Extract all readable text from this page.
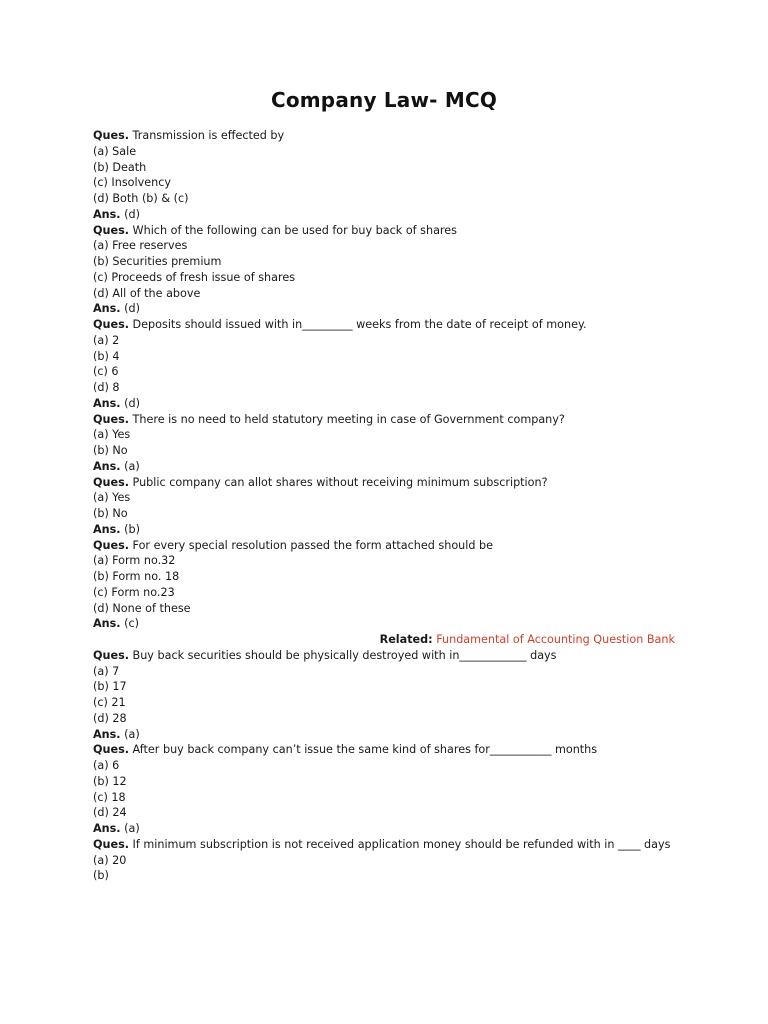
Company Law- MCQ
Ques. Transmission is effected by
(a) Sale
(b) Death
(c) Insolvency
(d) Both (b) & (c)
Ans. (d)
Ques. Which of the following can be used for buy back of shares
(a) Free reserves
(b) Securities premium
(c) Proceeds of fresh issue of shares
(d) All of the above
Ans. (d)
Ques. Deposits should issued with in_________ weeks from the date of receipt of money.
(a) 2
(b) 4
(c) 6
(d) 8
Ans. (d)
Ques. There is no need to held statutory meeting in case of Government company?
(a) Yes
(b) No
Ans. (a)
Ques. Public company can allot shares without receiving minimum subscription?
(a) Yes
(b) No
Ans. (b)
Ques. For every special resolution passed the form attached should be
(a) Form no.32
(b) Form no. 18
(c) Form no.23
(d) None of these
Ans. (c)
Related: Fundamental of Accounting Question Bank
Ques. Buy back securities should be physically destroyed with in____________ days
(a) 7
(b) 17
(c) 21
(d) 28
Ans. (a)
Ques. After buy back company can’t issue the same kind of shares for___________ months
(a) 6
(b) 12
(c) 18
(d) 24
Ans. (a)
Ques. If minimum subscription is not received application money should be refunded with in ____ days
(a) 20
(b)
